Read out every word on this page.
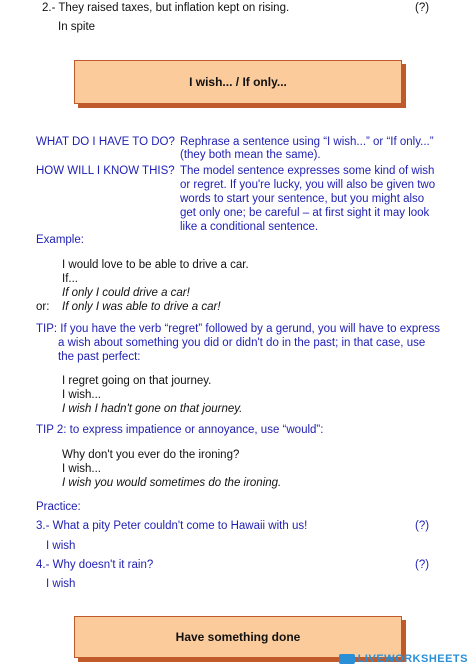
2.- They raised taxes, but inflation kept on rising.	(?)
In spite
I wish... / If only...
WHAT DO I HAVE TO DO? Rephrase a sentence using “I wish...” or “If only...”
(they both mean the same).
HOW WILL I KNOW THIS? The model sentence expresses some kind of wish
or regret. If you're lucky, you will also be given two
words to start your sentence, but you might also
get only one; be careful – at first sight it may look
like a conditional sentence.
Example:
I would love to be able to drive a car.
If...
If only I could drive a car!
or: If only I was able to drive a car!
TIP: If you have the verb “regret” followed by a gerund, you will have to express
a wish about something you did or didn't do in the past; in that case, use
the past perfect:
I regret going on that journey.
I wish...
I wish I hadn't gone on that journey.
TIP 2: to express impatience or annoyance, use “would”:
Why don't you ever do the ironing?
I wish...
I wish you would sometimes do the ironing.
Practice:
3.- What a pity Peter couldn't come to Hawaii with us!	(?)
I wish
4.- Why doesn't it rain?	(?)
I wish
Have something done
LIVEWORKSHEETS
